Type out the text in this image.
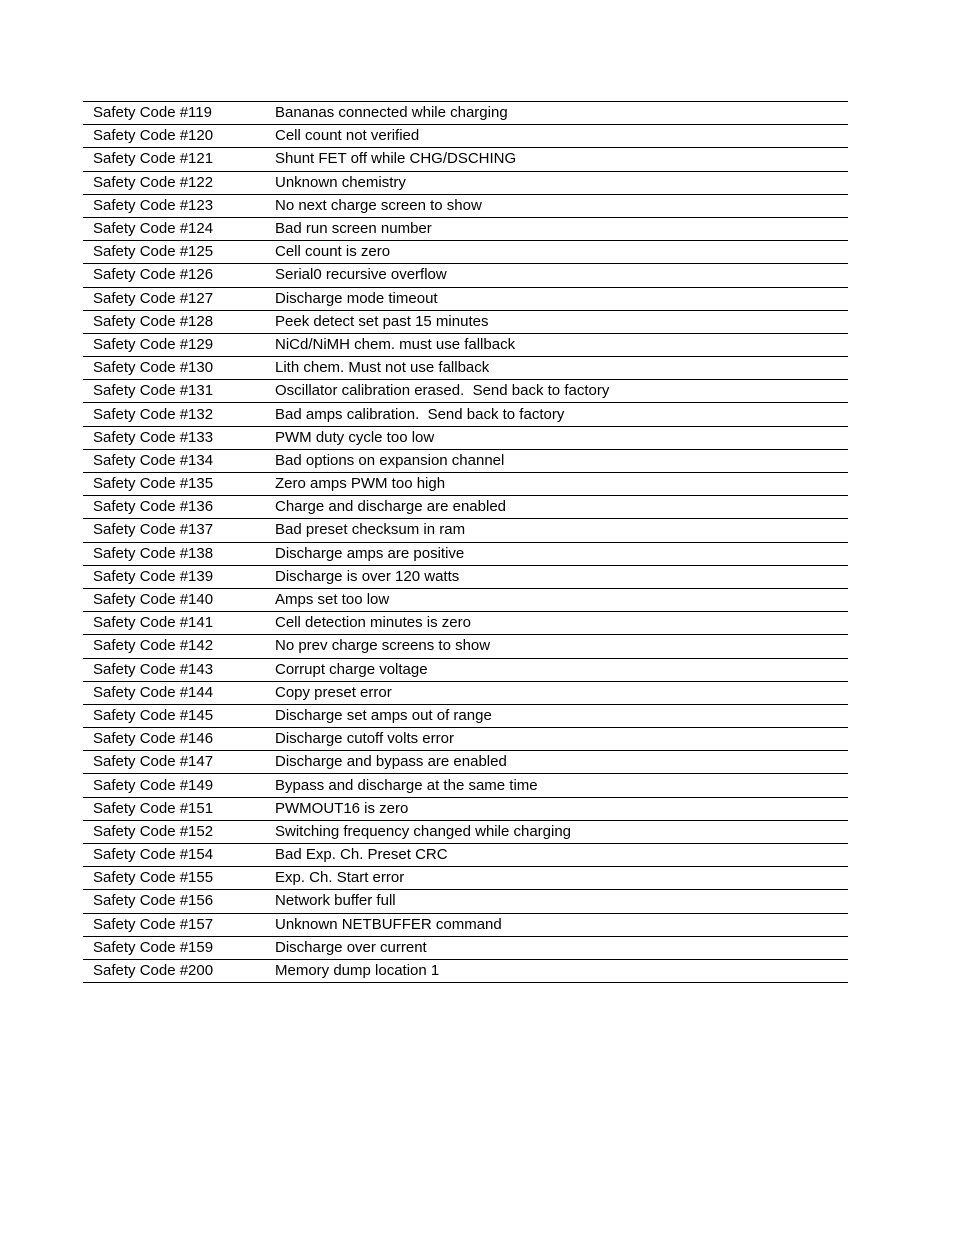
Safety Code #119	Bananas connected while charging
Safety Code #120	Cell count not verified
Safety Code #121	Shunt FET off while CHG/DSCHING
Safety Code #122	Unknown chemistry
Safety Code #123	No next charge screen to show
Safety Code #124	Bad run screen number
Safety Code #125	Cell count is zero
Safety Code #126	Serial0 recursive overflow
Safety Code #127	Discharge mode timeout
Safety Code #128	Peek detect set past 15 minutes
Safety Code #129	NiCd/NiMH chem. must use fallback
Safety Code #130	Lith chem. Must not use fallback
Safety Code #131	Oscillator calibration erased.  Send back to factory
Safety Code #132	Bad amps calibration.  Send back to factory
Safety Code #133	PWM duty cycle too low
Safety Code #134	Bad options on expansion channel
Safety Code #135	Zero amps PWM too high
Safety Code #136	Charge and discharge are enabled
Safety Code #137	Bad preset checksum in ram
Safety Code #138	Discharge amps are positive
Safety Code #139	Discharge is over 120 watts
Safety Code #140	Amps set too low
Safety Code #141	Cell detection minutes is zero
Safety Code #142	No prev charge screens to show
Safety Code #143	Corrupt charge voltage
Safety Code #144	Copy preset error
Safety Code #145	Discharge set amps out of range
Safety Code #146	Discharge cutoff volts error
Safety Code #147	Discharge and bypass are enabled
Safety Code #149	Bypass and discharge at the same time
Safety Code #151	PWMOUT16 is zero
Safety Code #152	Switching frequency changed while charging
Safety Code #154	Bad Exp. Ch. Preset CRC
Safety Code #155	Exp. Ch. Start error
Safety Code #156	Network buffer full
Safety Code #157	Unknown NETBUFFER command
Safety Code #159	Discharge over current
Safety Code #200	Memory dump location 1
